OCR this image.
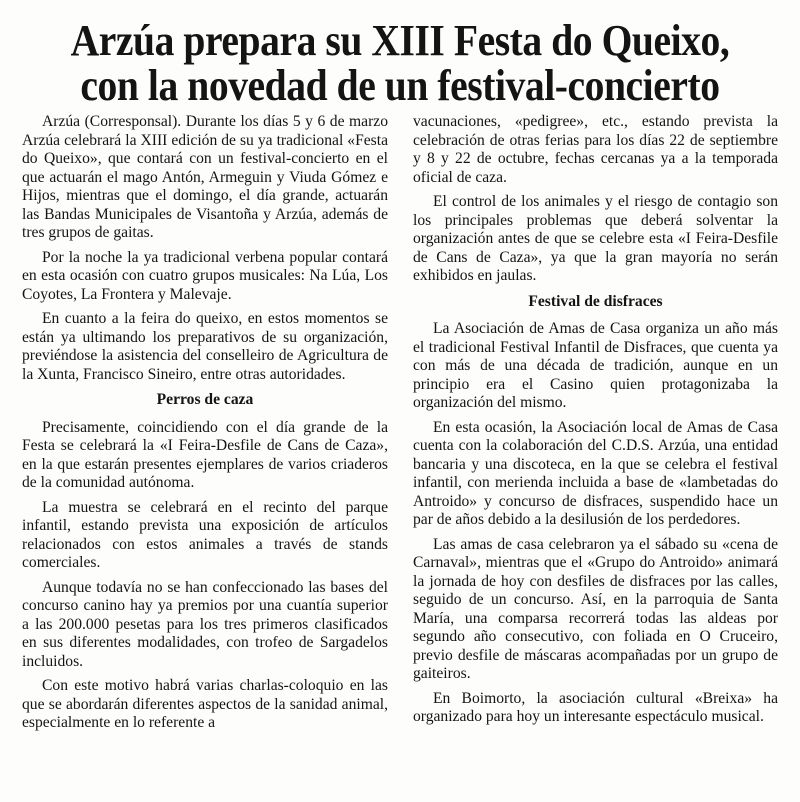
Arzúa prepara su XIII Festa do Queixo,
con la novedad de un festival-concierto

Arzúa (Corresponsal). Durante los días 5 y 6 de marzo Arzúa celebrará la XIII edición de su ya tradicional «Festa do Queixo», que contará con un festival-concierto en el que actuarán el mago Antón, Armeguin y Viuda Gómez e Hijos, mientras que el domingo, el día grande, actuarán las Bandas Municipales de Visantoña y Arzúa, además de tres grupos de gaitas.

Por la noche la ya tradicional verbena popular contará en esta ocasión con cuatro grupos musicales: Na Lúa, Los Coyotes, La Frontera y Malevaje.

En cuanto a la feira do queixo, en estos momentos se están ya ultimando los preparativos de su organización, previéndose la asistencia del conselleiro de Agricultura de la Xunta, Francisco Sineiro, entre otras autoridades.

Perros de caza

Precisamente, coincidiendo con el día grande de la Festa se celebrará la «I Feira-Desfile de Cans de Caza», en la que estarán presentes ejemplares de varios criaderos de la comunidad autónoma.

La muestra se celebrará en el recinto del parque infantil, estando prevista una exposición de artículos relacionados con estos animales a través de stands comerciales.

Aunque todavía no se han confeccionado las bases del concurso canino hay ya premios por una cuantía superior a las 200.000 pesetas para los tres primeros clasificados en sus diferentes modalidades, con trofeo de Sargadelos incluidos.

Con este motivo habrá varias charlas-coloquio en las que se abordarán diferentes aspectos de la sanidad animal, especialmente en lo referente a

vacunaciones, «pedigree», etc., estando prevista la celebración de otras ferias para los días 22 de septiembre y 8 y 22 de octubre, fechas cercanas ya a la temporada oficial de caza.

El control de los animales y el riesgo de contagio son los principales problemas que deberá solventar la organización antes de que se celebre esta «I Feira-Desfile de Cans de Caza», ya que la gran mayoría no serán exhibidos en jaulas.

Festival de disfraces

La Asociación de Amas de Casa organiza un año más el tradicional Festival Infantil de Disfraces, que cuenta ya con más de una década de tradición, aunque en un principio era el Casino quien protagonizaba la organización del mismo.

En esta ocasión, la Asociación local de Amas de Casa cuenta con la colaboración del C.D.S. Arzúa, una entidad bancaria y una discoteca, en la que se celebra el festival infantil, con merienda incluida a base de «lambetadas do Antroido» y concurso de disfraces, suspendido hace un par de años debido a la desilusión de los perdedores.

Las amas de casa celebraron ya el sábado su «cena de Carnaval», mientras que el «Grupo do Antroido» animará la jornada de hoy con desfiles de disfraces por las calles, seguido de un concurso. Así, en la parroquia de Santa María, una comparsa recorrerá todas las aldeas por segundo año consecutivo, con foliada en O Cruceiro, previo desfile de máscaras acompañadas por un grupo de gaiteiros.

En Boimorto, la asociación cultural «Breixa» ha organizado para hoy un interesante espectáculo musical.
